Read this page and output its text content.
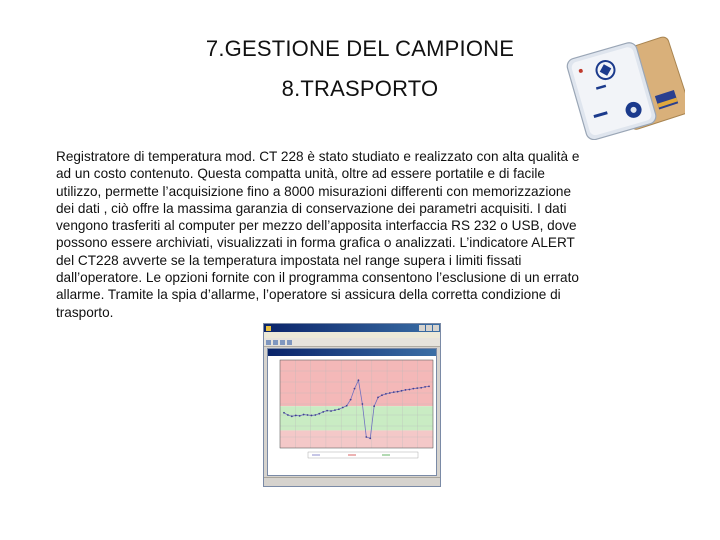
7.GESTIONE DEL CAMPIONE
8.TRASPORTO
Registratore di temperatura mod. CT 228 è stato studiato e realizzato con alta qualità e
ad un costo contenuto. Questa compatta unità, oltre ad essere portatile e di facile
utilizzo, permette l’acquisizione fino a 8000 misurazioni differenti con memorizzazione
dei dati , ciò offre la massima garanzia di conservazione dei parametri acquisiti. I dati
vengono trasferiti al computer per mezzo dell’apposita interfaccia RS 232 o USB, dove
possono essere archiviati, visualizzati in forma grafica o analizzati. L’indicatore ALERT
del CT228 avverte se la temperatura impostata nel range supera i limiti fissati
dall’operatore. Le opzioni fornite con il programma consentono l’esclusione di un errato
allarme. Tramite la spia d’allarme, l’operatore si assicura della corretta condizione di
trasporto.
